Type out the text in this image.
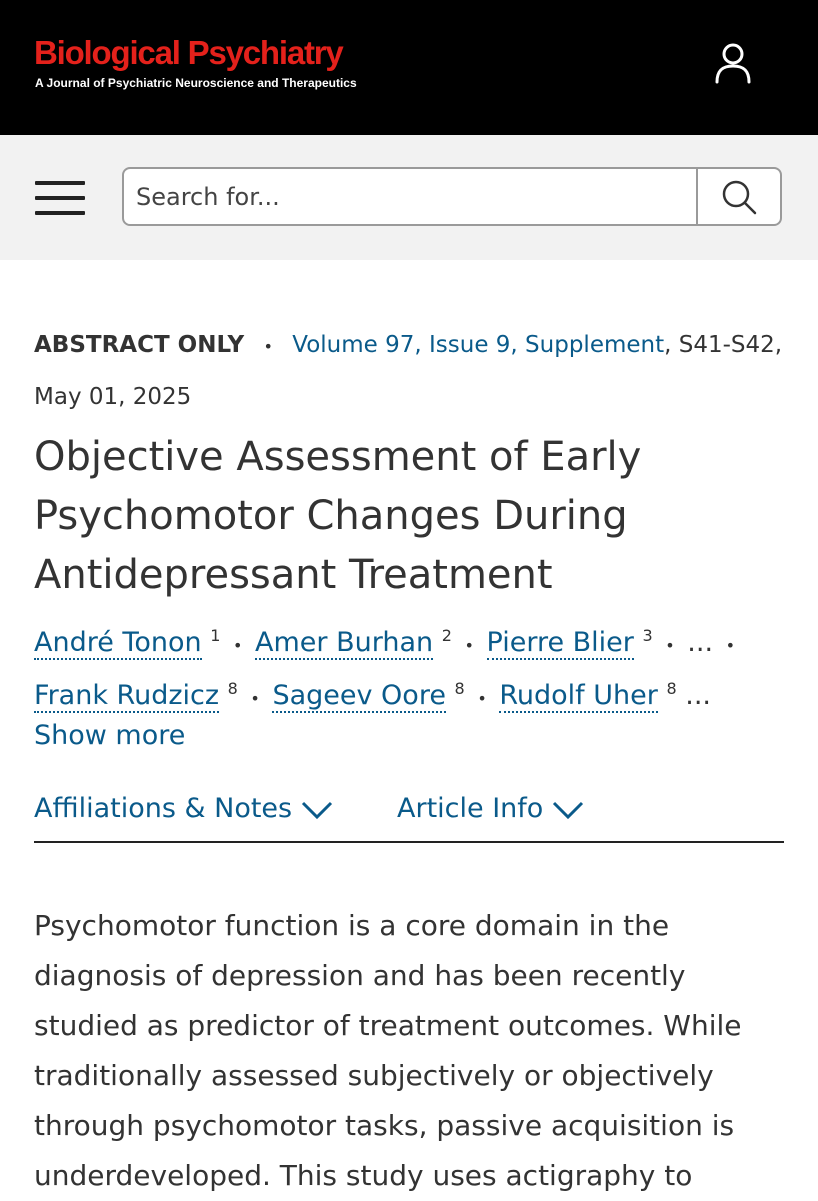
Biological Psychiatry
A Journal of Psychiatric Neuroscience and Therapeutics
Search for...
ABSTRACT ONLY • Volume 97, Issue 9, Supplement, S41-S42, May 01, 2025
Objective Assessment of Early Psychomotor Changes During Antidepressant Treatment
André Tonon $^1$ • Amer Burhan $^2$ • Pierre Blier $^3$ • ... •
Frank Rudzicz $^8$ • Sageev Oore $^8$ • Rudolf Uher $^8$ ...
Show more
Affiliations & Notes	Article Info

Psychomotor function is a core domain in the diagnosis of depression and has been recently studied as predictor of treatment outcomes. While traditionally assessed subjectively or objectively through psychomotor tasks, passive acquisition is underdeveloped. This study uses actigraphy to
